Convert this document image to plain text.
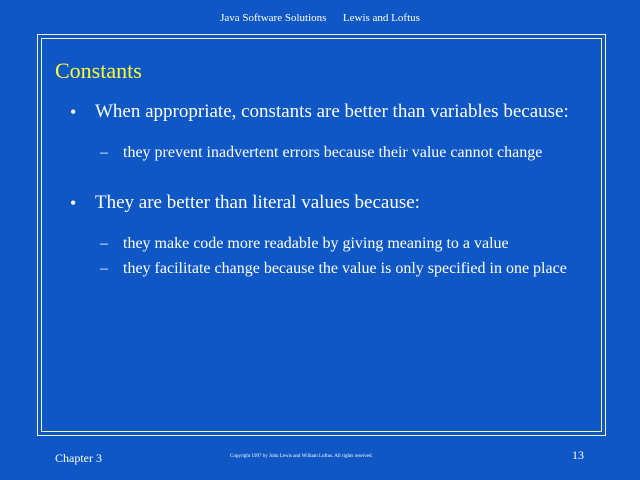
Java Software Solutions Lewis and Loftus
Constants
• When appropriate, constants are better than variables because:
– they prevent inadvertent errors because their value cannot change
• They are better than literal values because:
– they make code more readable by giving meaning to a value
– they facilitate change because the value is only specified in one place
Chapter 3	Copyright 1997 by John Lewis and William Loftus. All rights reserved.	13
